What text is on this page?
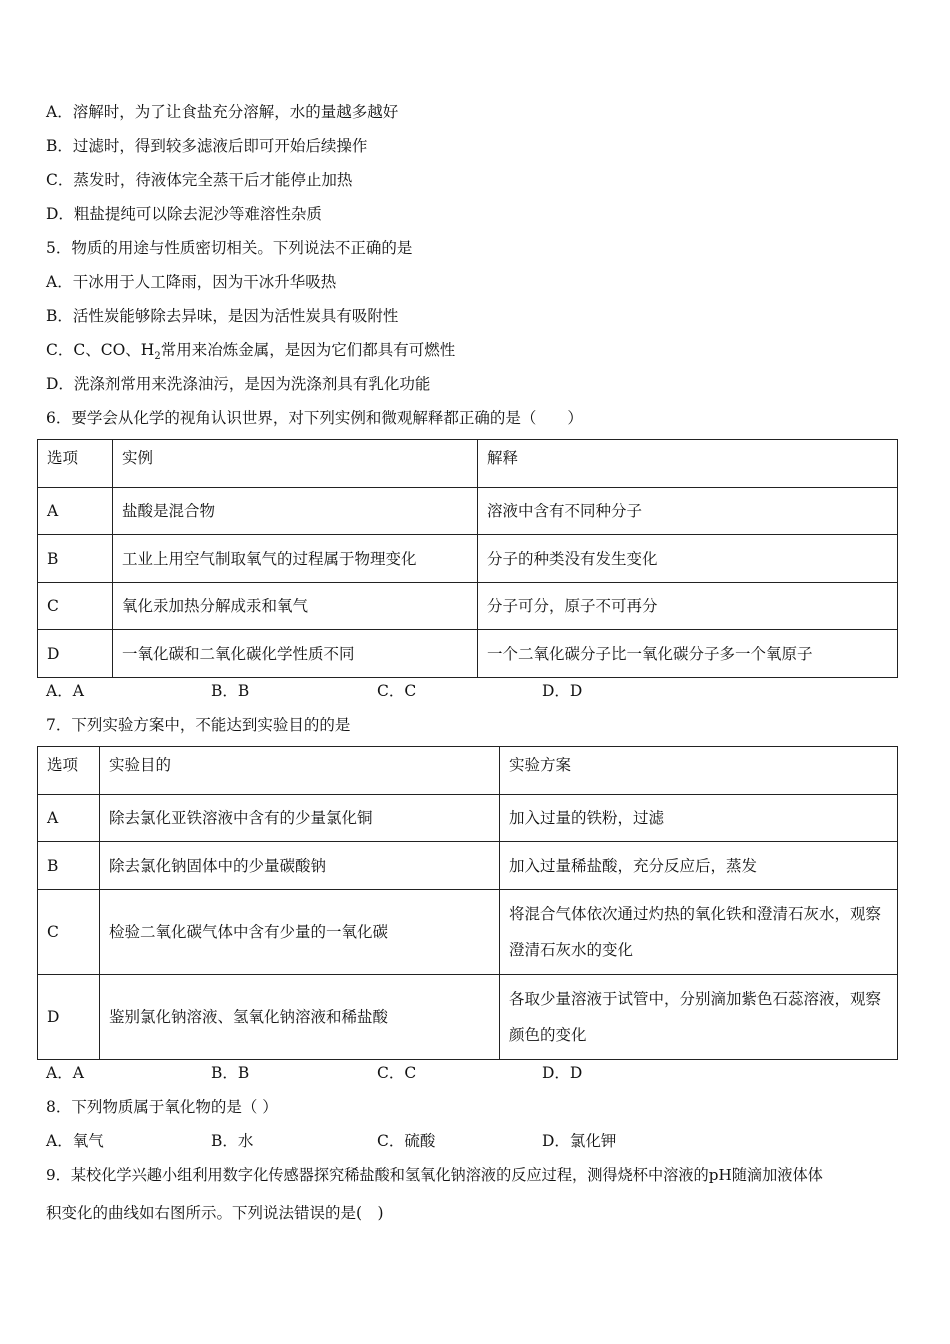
A．溶解时，为了让食盐充分溶解，水的量越多越好
B．过滤时，得到较多滤液后即可开始后续操作
C．蒸发时，待液体完全蒸干后才能停止加热
D．粗盐提纯可以除去泥沙等难溶性杂质
5．物质的用途与性质密切相关。下列说法不正确的是
A．干冰用于人工降雨，因为干冰升华吸热
B．活性炭能够除去异味，是因为活性炭具有吸附性
C．C、CO、$H_2$常用来冶炼金属，是因为它们都具有可燃性
D．洗涤剂常用来洗涤油污，是因为洗涤剂具有乳化功能
6．要学会从化学的视角认识世界，对下列实例和微观解释都正确的是（　　）
选项	实例	解释
A	盐酸是混合物	溶液中含有不同种分子
B	工业上用空气制取氧气的过程属于物理变化	分子的种类没有发生变化
C	氧化汞加热分解成汞和氧气	分子可分，原子不可再分
D	一氧化碳和二氧化碳化学性质不同	一个二氧化碳分子比一氧化碳分子多一个氧原子
A．A	B．B	C．C	D．D
7．下列实验方案中，不能达到实验目的的是
选项	实验目的	实验方案
A	除去氯化亚铁溶液中含有的少量氯化铜	加入过量的铁粉，过滤
B	除去氯化钠固体中的少量碳酸钠	加入过量稀盐酸，充分反应后，蒸发
C	检验二氧化碳气体中含有少量的一氧化碳	将混合气体依次通过灼热的氧化铁和澄清石灰水，观察澄清石灰水的变化
D	鉴别氯化钠溶液、氢氧化钠溶液和稀盐酸	各取少量溶液于试管中，分别滴加紫色石蕊溶液，观察颜色的变化
A．A	B．B	C．C	D．D
8．下列物质属于氧化物的是（ ）
A．氧气	B．水	C．硫酸	D．氯化钾
9．某校化学兴趣小组利用数字化传感器探究稀盐酸和氢氧化钠溶液的反应过程，测得烧杯中溶液的pH随滴加液体体
积变化的曲线如右图所示。下列说法错误的是(　)
